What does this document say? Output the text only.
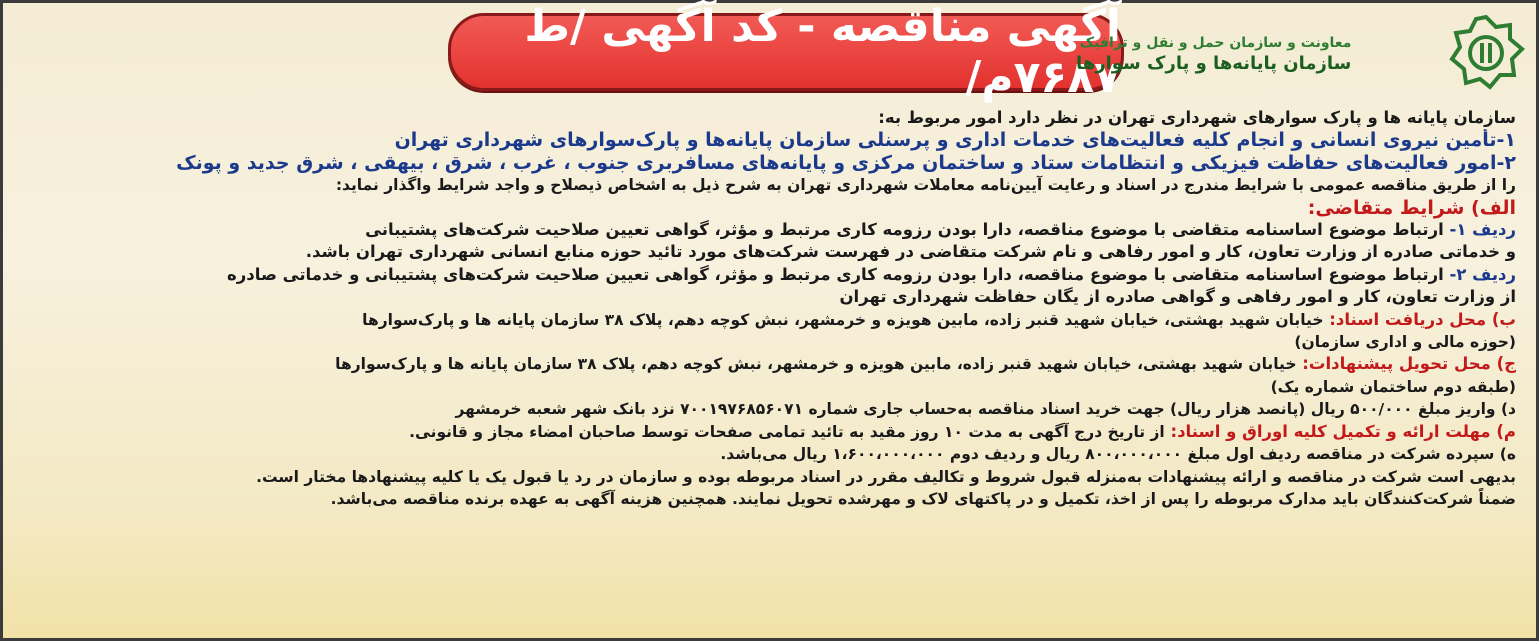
آگهی مناقصه - کد آگهی /ط ۷۶۸۷م/
معاونت و سازمان حمل و نقل و ترافیک
سازمان پایانه‌ها و پارک سوارها
سازمان پایانه ها و پارک سوارهای شهرداری تهران در نظر دارد امور مربوط به:
۱-تأمین نیروی انسانی و انجام کلیه فعالیت‌های خدمات اداری و پرسنلی سازمان پایانه‌ها و پارک‌سوارهای شهرداری تهران
۲-امور فعالیت‌های حفاظت فیزیکی و انتظامات ستاد و ساختمان مرکزی و پایانه‌های مسافربری جنوب ، غرب ، شرق ، بیهقی ، شرق جدید و پونک
را از طریق مناقصه عمومی با شرایط مندرج در اسناد و رعایت آیین‌نامه معاملات شهرداری تهران به شرح ذیل به اشخاص ذیصلاح و واجد شرایط واگذار نماید:
الف) شرایط متقاضی:
ردیف ۱- ارتباط موضوع اساسنامه متقاضی با موضوع مناقصه، دارا بودن رزومه کاری مرتبط و مؤثر، گواهی تعیین صلاحیت شرکت‌های پشتیبانی
و خدماتی صادره از وزارت تعاون، کار و امور رفاهی و نام شرکت متقاضی در فهرست شرکت‌های مورد تائید حوزه منابع انسانی شهرداری تهران باشد.
ردیف ۲- ارتباط موضوع اساسنامه متقاضی با موضوع مناقصه، دارا بودن رزومه کاری مرتبط و مؤثر، گواهی تعیین صلاحیت شرکت‌های پشتیبانی و خدماتی صادره
از وزارت تعاون، کار و امور رفاهی و گواهی صادره از یگان حفاظت شهرداری تهران
ب) محل دریافت اسناد: خیابان شهید بهشتی، خیابان شهید قنبر زاده، مابین هویزه و خرمشهر، نبش کوچه دهم، پلاک ۳۸ سازمان پایانه ها و پارک‌سوارها
(حوزه مالی و اداری سازمان)
ج) محل تحویل پیشنهادات: خیابان شهید بهشتی، خیابان شهید قنبر زاده، مابین هویزه و خرمشهر، نبش کوچه دهم، پلاک ۳۸ سازمان پایانه ها و پارک‌سوارها
(طبقه دوم ساختمان شماره یک)
د) واریز مبلغ ۵۰۰/۰۰۰ ریال (پانصد هزار ریال) جهت خرید اسناد مناقصه به‌حساب جاری شماره ۷۰۰۱۹۷۶۸۵۶۰۷۱ نزد بانک شهر شعبه خرمشهر
م) مهلت ارائه و تکمیل کلیه اوراق و اسناد: از تاریخ درج آگهی به مدت ۱۰ روز مقید به تائید تمامی صفحات توسط صاحبان امضاء مجاز و قانونی.
ه) سپرده شرکت در مناقصه ردیف اول مبلغ ۸۰۰،۰۰۰،۰۰۰ ریال و ردیف دوم ۱،۶۰۰،۰۰۰،۰۰۰ ریال می‌باشد.
بدیهی است شرکت در مناقصه و ارائه پیشنهادات به‌منزله قبول شروط و تکالیف مقرر در اسناد مربوطه بوده و سازمان در رد یا قبول یک یا کلیه پیشنهادها مختار است.
ضمناً شرکت‌کنندگان باید مدارک مربوطه را پس از اخذ، تکمیل و در پاکتهای لاک و مهرشده تحویل نمایند. همچنین هزینه آگهی به عهده برنده مناقصه می‌باشد.
